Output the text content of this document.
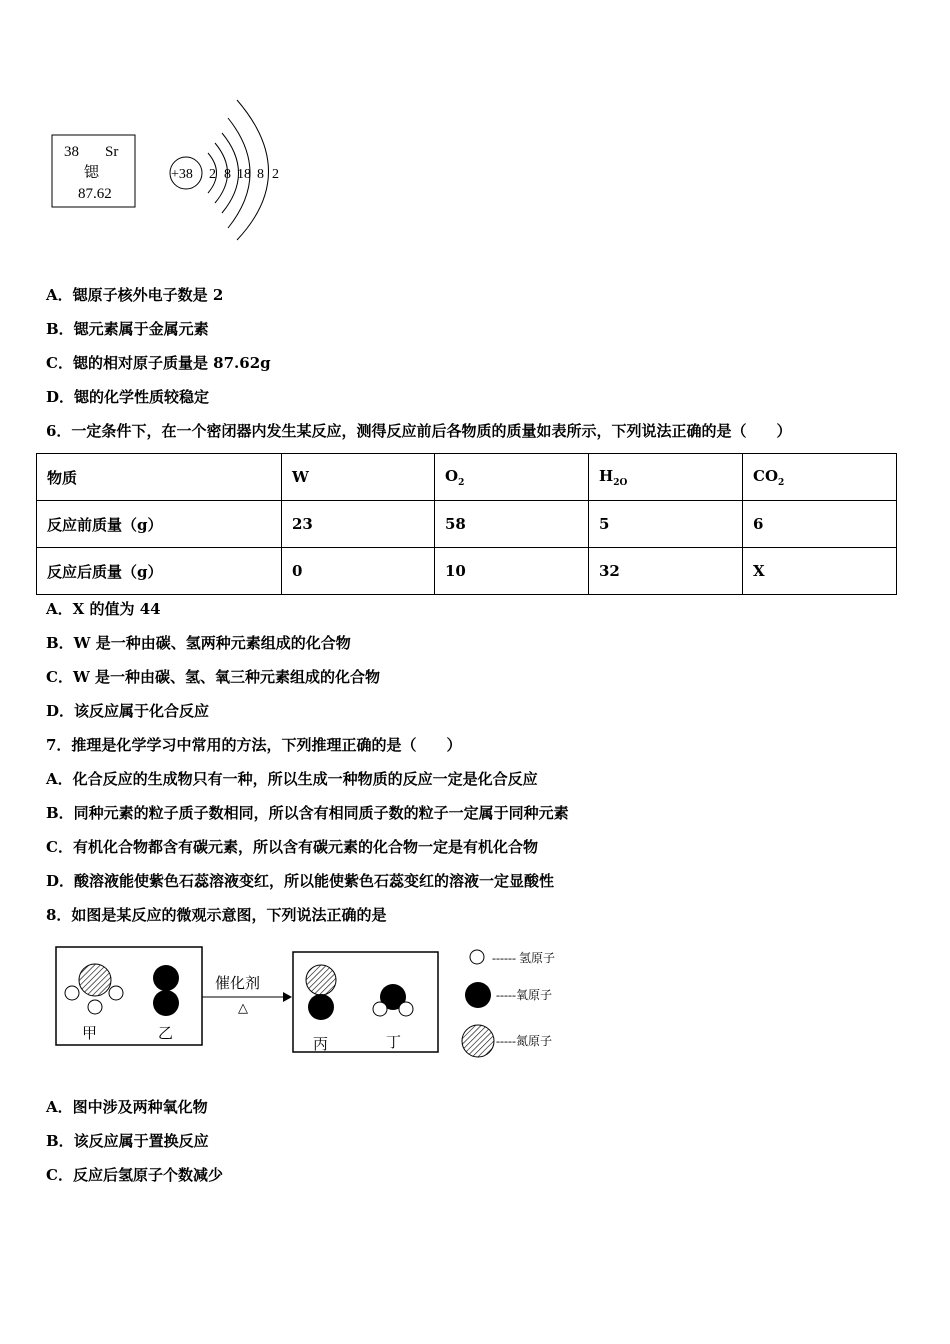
38 Sr
锶
87.62
+38 2 8 18 8 2
A．锶原子核外电子数是 2
B．锶元素属于金属元素
C．锶的相对原子质量是 87.62g
D．锶的化学性质较稳定
6．一定条件下，在一个密闭器内发生某反应，测得反应前后各物质的质量如表所示，下列说法正确的是（　　）
物质	W	$O_2$	$H_{2O}$	$CO_2$
反应前质量（g）	23	58	5	6
反应后质量（g）	0	10	32	X
A．X 的值为 44
B．W 是一种由碳、氢两种元素组成的化合物
C．W 是一种由碳、氢、氧三种元素组成的化合物
D．该反应属于化合反应
7．推理是化学学习中常用的方法，下列推理正确的是（　　）
A．化合反应的生成物只有一种，所以生成一种物质的反应一定是化合反应
B．同种元素的粒子质子数相同，所以含有相同质子数的粒子一定属于同种元素
C．有机化合物都含有碳元素，所以含有碳元素的化合物一定是有机化合物
D．酸溶液能使紫色石蕊溶液变红，所以能使紫色石蕊变红的溶液一定显酸性
8．如图是某反应的微观示意图，下列说法正确的是
甲	乙
催化剂
△
丙	丁
------ 氢原子
-----氧原子
-----氮原子
A．图中涉及两种氧化物
B．该反应属于置换反应
C．反应后氢原子个数减少
